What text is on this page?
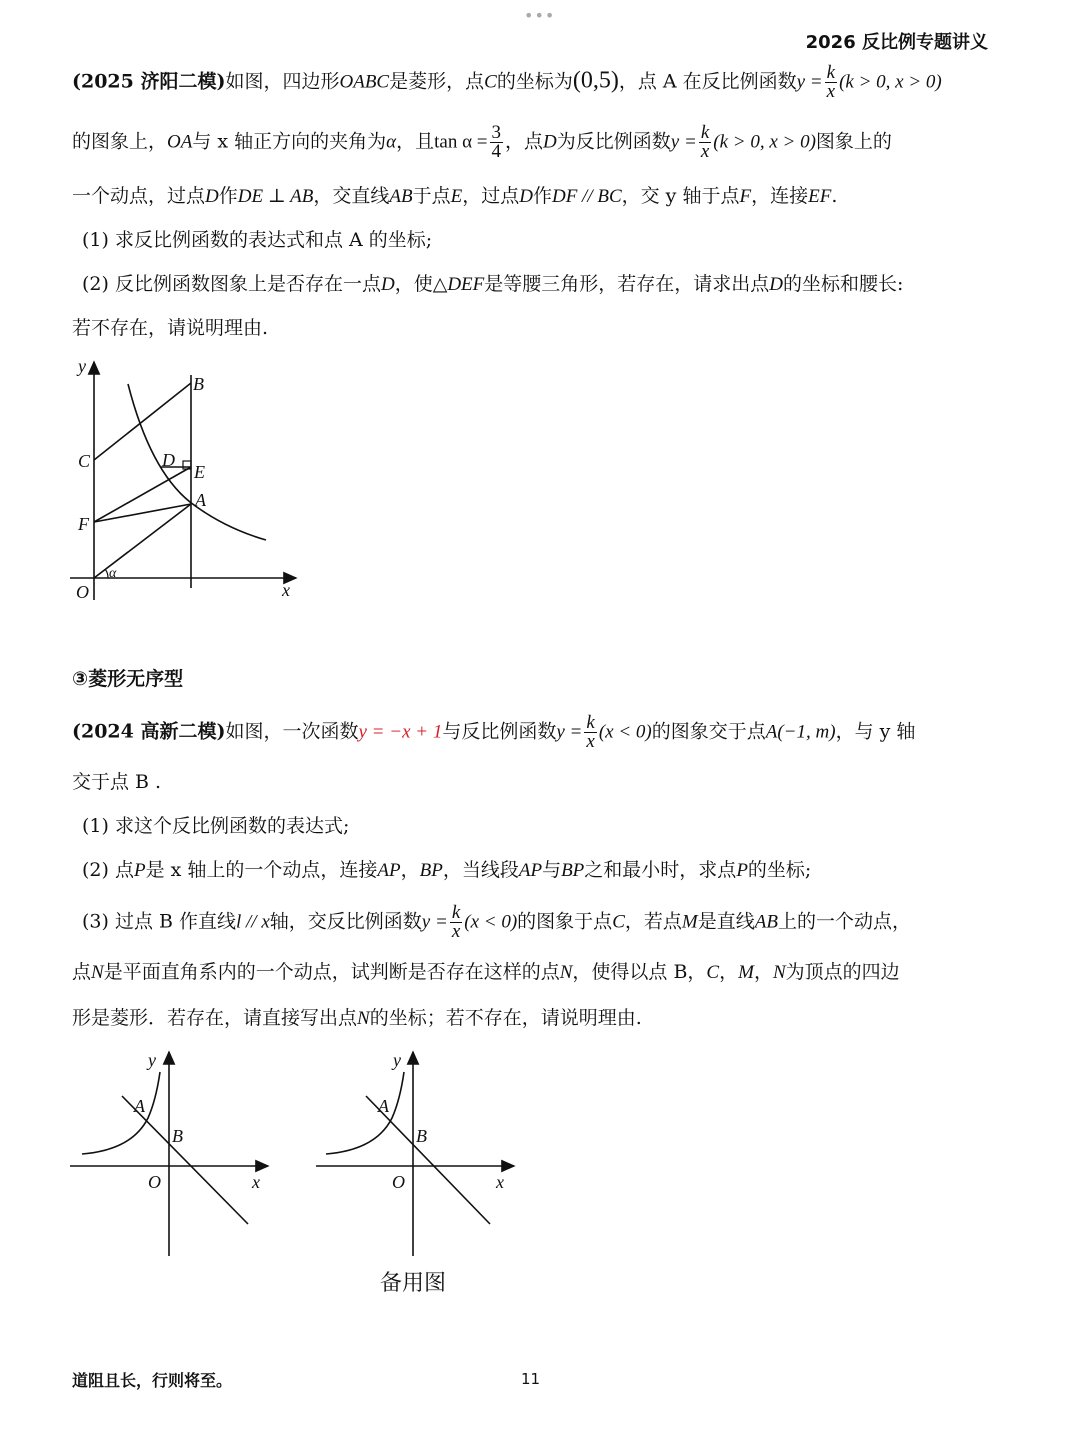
•••
2026 反比例专题讲义
(2025 济阳二模)如图，四边形OABC是菱形，点C的坐标为(0,5)，点 A 在反比例函数$y = \frac{k}{x} (k > 0$, x > 0)
的图象上，OA与 x 轴正方向的夹角为α，且$\tan \alpha = \frac{3}{4}$ ，点D为反比例函数$y = \frac{k}{x} (k > 0$, x > 0)图象上的
一个动点，过点D作DE ⊥ AB，交直线AB于点E，过点D作DF // BC，交 y 轴于点F，连接EF.
(1) 求反比例函数的表达式和点 A 的坐标;
(2) 反比例函数图象上是否存在一点D，使△DEF是等腰三角形，若存在，请求出点D的坐标和腰长:
若不存在，请说明理由.
y
x
O
B
C	D
E
A
F
α
③菱形无序型
(2024 高新二模)如图，一次函数y = −x + 1与反比例函数$y = \frac{k}{x} (x < 0)$的图象交于点A(−1, m)，与 y 轴
交于点 B .
(1) 求这个反比例函数的表达式;
(2) 点P是 x 轴上的一个动点，连接AP，BP，当线段AP与BP之和最小时，求点P的坐标;
(3) 过点 B 作直线l // x轴，交反比例函数$y = \frac{k}{x} (x < 0)$的图象于点C，若点M是直线AB上的一个动点，
点N是平面直角系内的一个动点，试判断是否存在这样的点N，使得以点 B，C，M，N为顶点的四边
形是菱形．若存在，请直接写出点N的坐标；若不存在，请说明理由.
y
A
B
O	x
y
A
B
O	x
备用图
道阻且长，行则将至。	11
